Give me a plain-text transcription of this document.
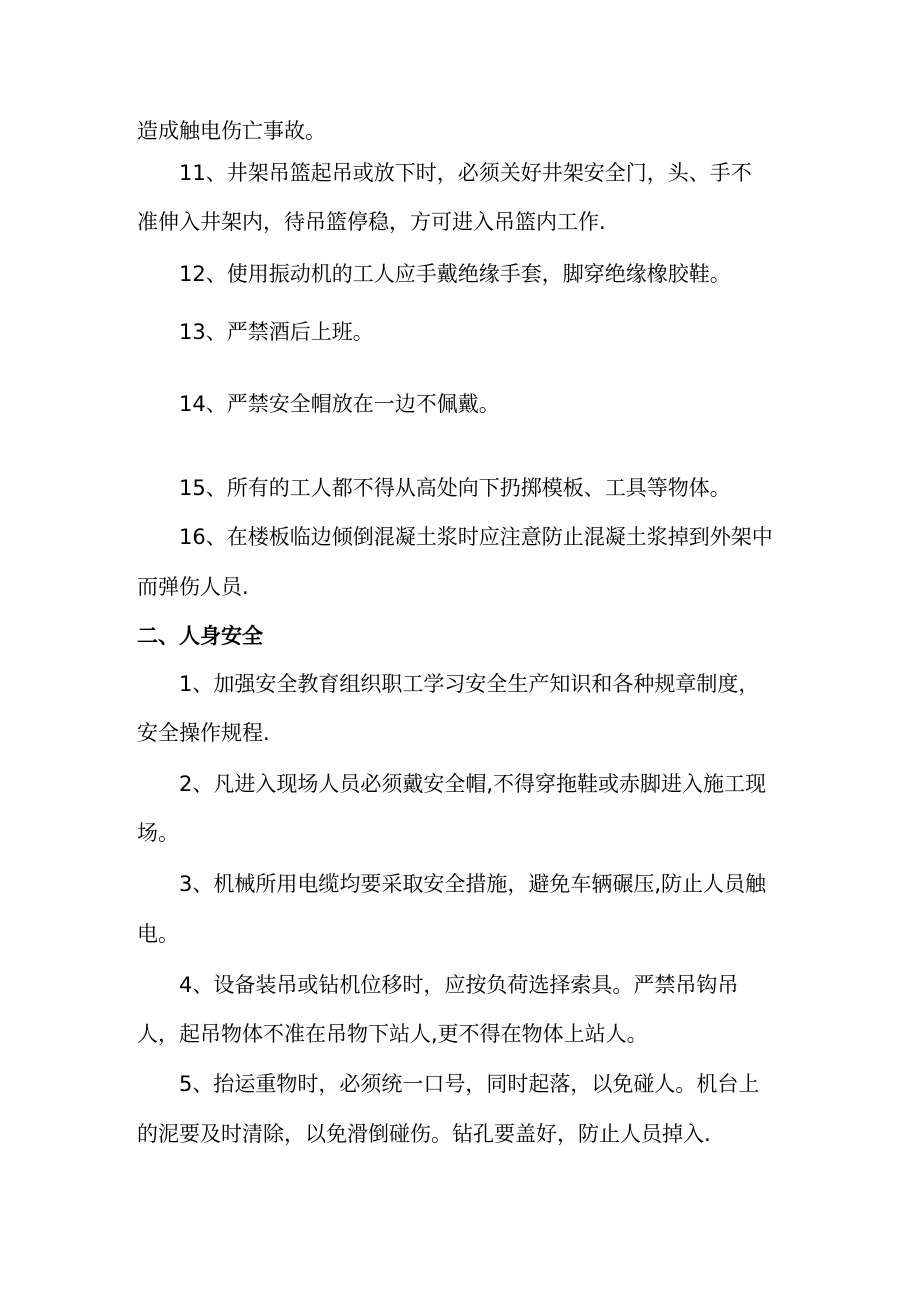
造成触电伤亡事故。
11、井架吊篮起吊或放下时，必须关好井架安全门，头、手不
准伸入井架内，待吊篮停稳，方可进入吊篮内工作.
12、使用振动机的工人应手戴绝缘手套，脚穿绝缘橡胶鞋。
13、严禁酒后上班。
14、严禁安全帽放在一边不佩戴。
15、所有的工人都不得从高处向下扔掷模板、工具等物体。
16、在楼板临边倾倒混凝土浆时应注意防止混凝土浆掉到外架中
而弹伤人员.
二、人身安全
1、加强安全教育组织职工学习安全生产知识和各种规章制度，
安全操作规程.
2、凡进入现场人员必须戴安全帽,不得穿拖鞋或赤脚进入施工现
场。
3、机械所用电缆均要采取安全措施，避免车辆碾压,防止人员触
电。
4、设备装吊或钻机位移时，应按负荷选择索具。严禁吊钩吊
人，起吊物体不准在吊物下站人,更不得在物体上站人。
5、抬运重物时，必须统一口号，同时起落，以免碰人。机台上
的泥要及时清除，以免滑倒碰伤。钻孔要盖好，防止人员掉入.
